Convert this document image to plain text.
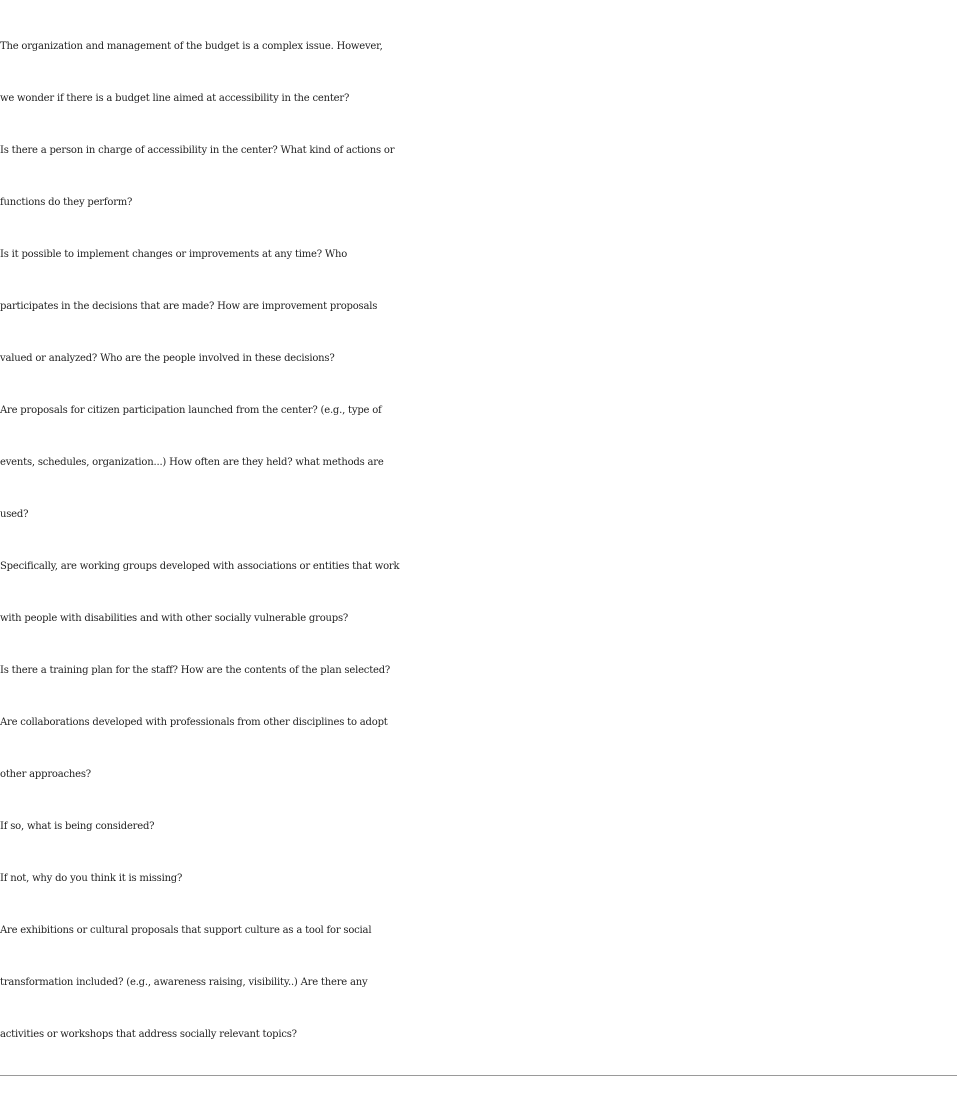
The organization and management of the budget is a complex issue. However,

we wonder if there is a budget line aimed at accessibility in the center?

Is there a person in charge of accessibility in the center? What kind of actions or

functions do they perform?

Is it possible to implement changes or improvements at any time? Who

participates in the decisions that are made? How are improvement proposals

valued or analyzed? Who are the people involved in these decisions?

Are proposals for citizen participation launched from the center? (e.g., type of

events, schedules, organization...) How often are they held? what methods are

used?

Specifically, are working groups developed with associations or entities that work

with people with disabilities and with other socially vulnerable groups?

Is there a training plan for the staff? How are the contents of the plan selected?

Are collaborations developed with professionals from other disciplines to adopt

other approaches?

If so, what is being considered?

If not, why do you think it is missing?

Are exhibitions or cultural proposals that support culture as a tool for social

transformation included? (e.g., awareness raising, visibility..) Are there any

activities or workshops that address socially relevant topics?
